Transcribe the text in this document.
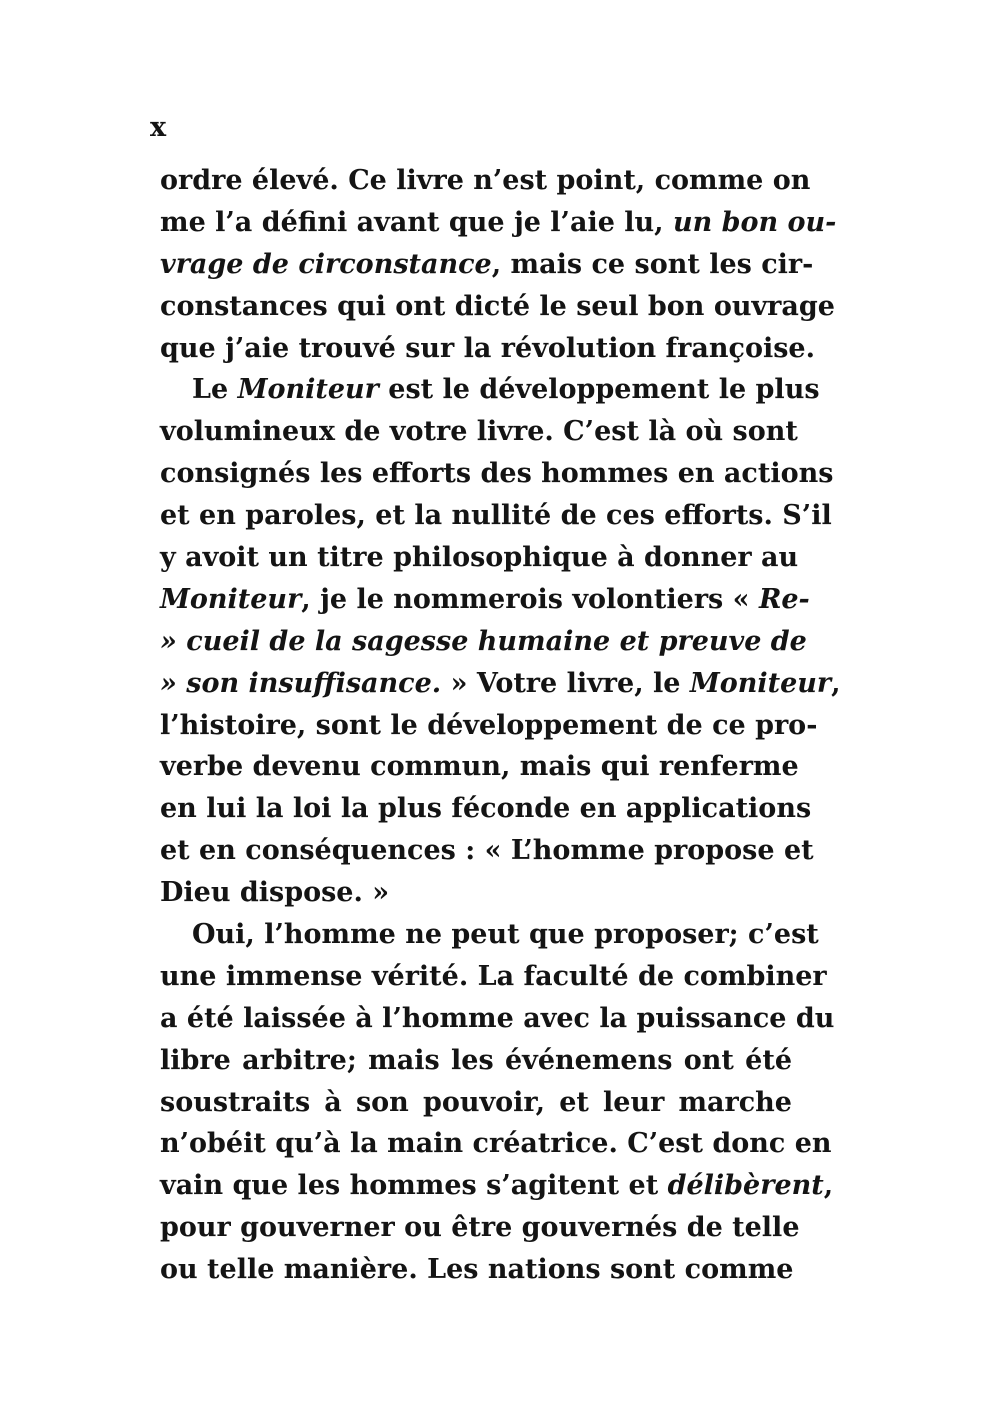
x
ordre élevé. Ce livre n’est point, comme on
me l’a défini avant que je l’aie lu, un bon ou-
vrage de circonstance, mais ce sont les cir-
constances qui ont dicté le seul bon ouvrage
que j’aie trouvé sur la révolution françoise.
Le Moniteur est le développement le plus
volumineux de votre livre. C’est là où sont
consignés les efforts des hommes en actions
et en paroles, et la nullité de ces efforts. S’il
y avoit un titre philosophique à donner au
Moniteur, je le nommerois volontiers « Re-
» cueil de la sagesse humaine et preuve de
» son insuffisance. » Votre livre, le Moniteur,
l’histoire, sont le développement de ce pro-
verbe devenu commun, mais qui renferme
en lui la loi la plus féconde en applications
et en conséquences : « L’homme propose et
Dieu dispose. »
Oui, l’homme ne peut que proposer; c’est
une immense vérité. La faculté de combiner
a été laissée à l’homme avec la puissance du
libre arbitre; mais les événemens ont été
soustraits à son pouvoir, et leur marche
n’obéit qu’à la main créatrice. C’est donc en
vain que les hommes s’agitent et délibèrent,
pour gouverner ou être gouvernés de telle
ou telle manière. Les nations sont comme
